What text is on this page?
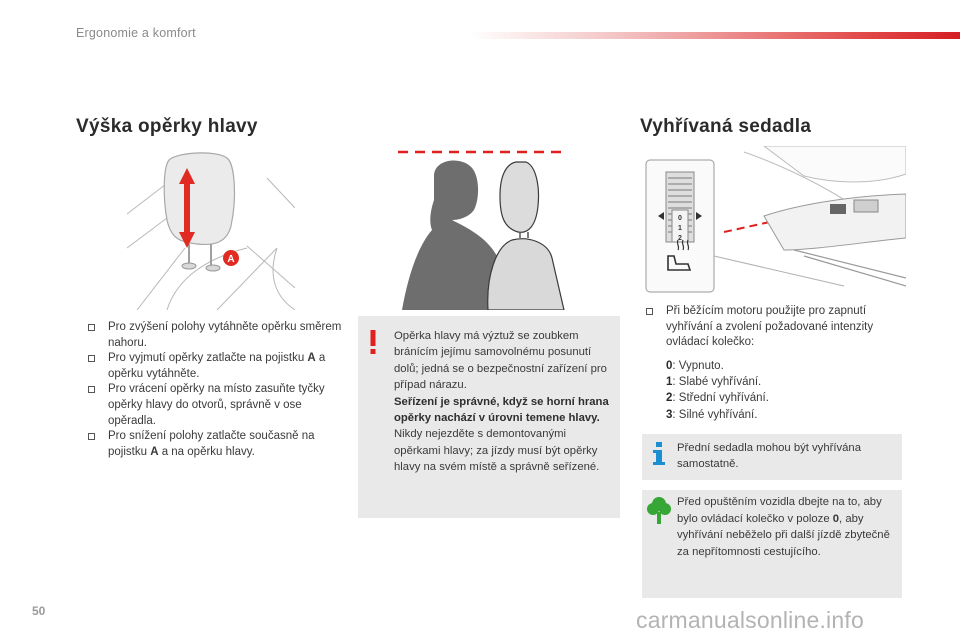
Ergonomie a komfort
Výška opěrky hlavy	Vyhřívaná sedadla
A
0
1
2
Pro zvýšení polohy vytáhněte opěrku směrem nahoru.
Pro vyjmutí opěrky zatlačte na pojistku A a opěrku vytáhněte.
Pro vrácení opěrky na místo zasuňte tyčky opěrky hlavy do otvorů, správně v ose opěradla.
Pro snížení polohy zatlačte současně na pojistku A a na opěrku hlavy.
Opěrka hlavy má výztuž se zoubkem bránícím jejímu samovolnému posunutí dolů; jedná se o bezpečnostní zařízení pro případ nárazu.
Seřízení je správné, když se horní hrana opěrky nachází v úrovni temene hlavy.
Nikdy nejezděte s demontovanými opěrkami hlavy; za jízdy musí být opěrky hlavy na svém místě a správně seřízené.
Při běžícím motoru použijte pro zapnutí vyhřívání a zvolení požadované intenzity ovládací kolečko:
0: Vypnuto.
1: Slabé vyhřívání.
2: Střední vyhřívání.
3: Silné vyhřívání.
Přední sedadla mohou být vyhřívána samostatně.
Před opuštěním vozidla dbejte na to, aby bylo ovládací kolečko v poloze 0, aby vyhřívání neběželo při další jízdě zbytečně za nepřítomnosti cestujícího.
50	carmanualsonline.info
